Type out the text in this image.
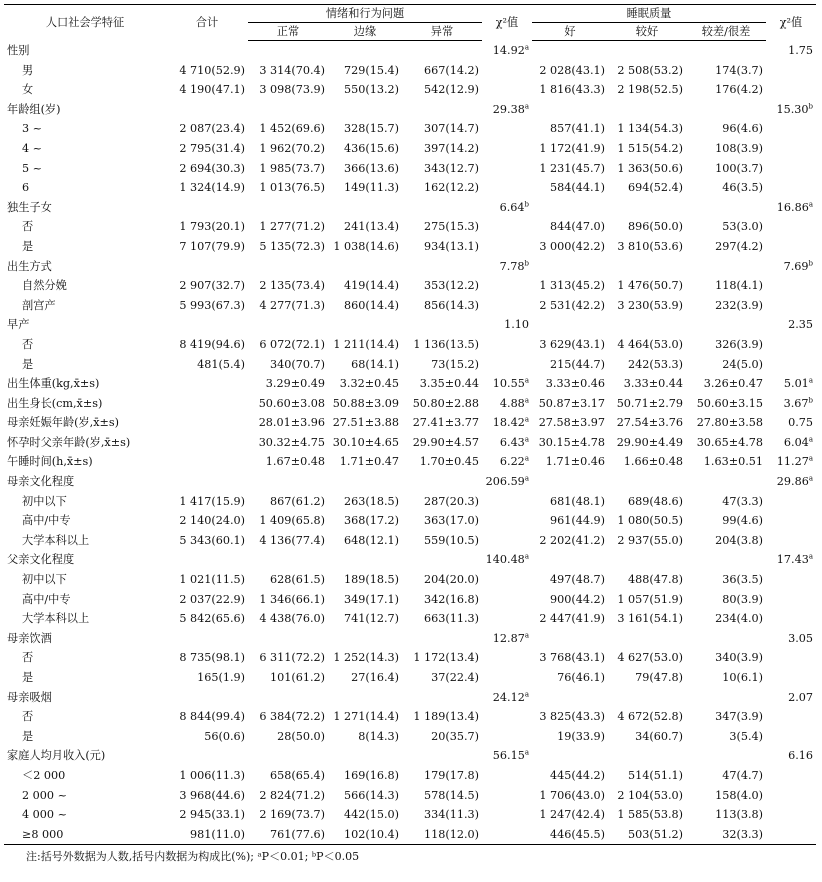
人口社会学特征	合计	情绪和行为问题			χ²值	睡眠质量			χ²值
		正常	边缘	异常		好	较好	较差/很差	
性别					14.92$^a$				1.75
男	4 710(52.9)	3 314(70.4)	729(15.4)	667(14.2)		2 028(43.1)	2 508(53.2)	174(3.7)	
女	4 190(47.1)	3 098(73.9)	550(13.2)	542(12.9)		1 816(43.3)	2 198(52.5)	176(4.2)	
年龄组(岁)					29.38$^a$				15.30$^b$
3 ~	2 087(23.4)	1 452(69.6)	328(15.7)	307(14.7)		857(41.1)	1 134(54.3)	96(4.6)	
4 ~	2 795(31.4)	1 962(70.2)	436(15.6)	397(14.2)		1 172(41.9)	1 515(54.2)	108(3.9)	
5 ~	2 694(30.3)	1 985(73.7)	366(13.6)	343(12.7)		1 231(45.7)	1 363(50.6)	100(3.7)	
6	1 324(14.9)	1 013(76.5)	149(11.3)	162(12.2)		584(44.1)	694(52.4)	46(3.5)	
独生子女					6.64$^b$				16.86$^a$
否	1 793(20.1)	1 277(71.2)	241(13.4)	275(15.3)		844(47.0)	896(50.0)	53(3.0)	
是	7 107(79.9)	5 135(72.3)	1 038(14.6)	934(13.1)		3 000(42.2)	3 810(53.6)	297(4.2)	
出生方式					7.78$^b$				7.69$^b$
自然分娩	2 907(32.7)	2 135(73.4)	419(14.4)	353(12.2)		1 313(45.2)	1 476(50.7)	118(4.1)	
剖宫产	5 993(67.3)	4 277(71.3)	860(14.4)	856(14.3)		2 531(42.2)	3 230(53.9)	232(3.9)	
早产					1.10				2.35
否	8 419(94.6)	6 072(72.1)	1 211(14.4)	1 136(13.5)		3 629(43.1)	4 464(53.0)	326(3.9)	
是	481(5.4)	340(70.7)	68(14.1)	73(15.2)		215(44.7)	242(53.3)	24(5.0)	
出生体重(kg,x̄±s)		3.29±0.49	3.32±0.45	3.35±0.44	10.55$^a$	3.33±0.46	3.33±0.44	3.26±0.47	5.01$^a$
出生身长(cm,x̄±s)		50.60±3.08	50.88±3.09	50.80±2.88	4.88$^a$	50.87±3.17	50.71±2.79	50.60±3.15	3.67$^b$
母亲妊娠年龄(岁,x̄±s)		28.01±3.96	27.51±3.88	27.41±3.77	18.42$^a$	27.58±3.97	27.54±3.76	27.80±3.58	0.75
怀孕时父亲年龄(岁,x̄±s)		30.32±4.75	30.10±4.65	29.90±4.57	6.43$^a$	30.15±4.78	29.90±4.49	30.65±4.78	6.04$^a$
午睡时间(h,x̄±s)		1.67±0.48	1.71±0.47	1.70±0.45	6.22$^a$	1.71±0.46	1.66±0.48	1.63±0.51	11.27$^a$
母亲文化程度					206.59$^a$				29.86$^a$
初中以下	1 417(15.9)	867(61.2)	263(18.5)	287(20.3)		681(48.1)	689(48.6)	47(3.3)	
高中/中专	2 140(24.0)	1 409(65.8)	368(17.2)	363(17.0)		961(44.9)	1 080(50.5)	99(4.6)	
大学本科以上	5 343(60.1)	4 136(77.4)	648(12.1)	559(10.5)		2 202(41.2)	2 937(55.0)	204(3.8)	
父亲文化程度					140.48$^a$				17.43$^a$
初中以下	1 021(11.5)	628(61.5)	189(18.5)	204(20.0)		497(48.7)	488(47.8)	36(3.5)	
高中/中专	2 037(22.9)	1 346(66.1)	349(17.1)	342(16.8)		900(44.2)	1 057(51.9)	80(3.9)	
大学本科以上	5 842(65.6)	4 438(76.0)	741(12.7)	663(11.3)		2 447(41.9)	3 161(54.1)	234(4.0)	
母亲饮酒					12.87$^a$				3.05
否	8 735(98.1)	6 311(72.2)	1 252(14.3)	1 172(13.4)		3 768(43.1)	4 627(53.0)	340(3.9)	
是	165(1.9)	101(61.2)	27(16.4)	37(22.4)		76(46.1)	79(47.8)	10(6.1)	
母亲吸烟					24.12$^a$				2.07
否	8 844(99.4)	6 384(72.2)	1 271(14.4)	1 189(13.4)		3 825(43.3)	4 672(52.8)	347(3.9)	
是	56(0.6)	28(50.0)	8(14.3)	20(35.7)		19(33.9)	34(60.7)	3(5.4)	
家庭人均月收入(元)					56.15$^a$				6.16
＜2 000	1 006(11.3)	658(65.4)	169(16.8)	179(17.8)		445(44.2)	514(51.1)	47(4.7)	
2 000 ~	3 968(44.6)	2 824(71.2)	566(14.3)	578(14.5)		1 706(43.0)	2 104(53.0)	158(4.0)	
4 000 ~	2 945(33.1)	2 169(73.7)	442(15.0)	334(11.3)		1 247(42.4)	1 585(53.8)	113(3.8)	
≥8 000	981(11.0)	761(77.6)	102(10.4)	118(12.0)		446(45.5)	503(51.2)	32(3.3)	
注:括号外数据为人数,括号内数据为构成比(%); ᵃP＜0.01; ᵇP＜0.05
